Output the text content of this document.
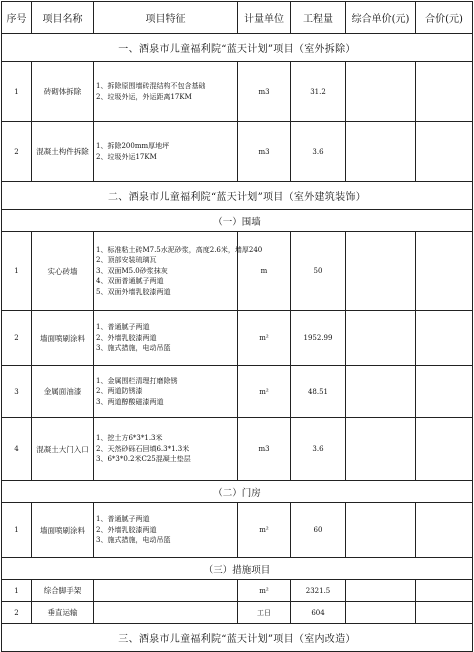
序号	项目名称	项目特征	计量单位	工程量	综合单价(元)	合价(元)
一、酒泉市儿童福利院“蓝天计划”项目（室外拆除）						
1	砖砌体拆除	1、拆除原围墙砖混结构不包含基础
2、垃圾外运，外运距离17KM	m3	31.2		
2	混凝土构件拆除	1、拆除200mm厚地坪
2、垃圾外运17KM	m3	3.6		
二、酒泉市儿童福利院“蓝天计划”项目（室外建筑装饰）						
（一）围墙						
1	实心砖墙	1、标准粘土砖M7.5水泥砂浆，高度2.6米，墙厚240
2、顶部安装琉璃瓦
3、双面M5.0砂浆抹灰
4、双面普通腻子两道
5、双面外墙乳胶漆两道	m	50		
2	墙面喷刷涂料	1、普通腻子两道
2、外墙乳胶漆两道
3、施式措施，电动吊篮	m²	1952.99		
3	金属面油漆	1、金属围栏清理打磨除锈
2、两道防锈漆
3、两道醇酸磁漆两道	m²	48.51		
4	混凝土大门入口	1、挖土方6*3*1.3米
2、天然砂砾石回填6.3*1.3米
3、6*3*0.2米C25混凝土垫层	m3	3.6		
（二）门房						
1	墙面喷刷涂料	1、普通腻子两道
2、外墙乳胶漆两道
3、施式措施，电动吊篮	m²	60		
（三）措施项目						
1	综合脚手架		m²	2321.5		
2	垂直运输		工日	604		
三、酒泉市儿童福利院“蓝天计划”项目（室内改造）						
